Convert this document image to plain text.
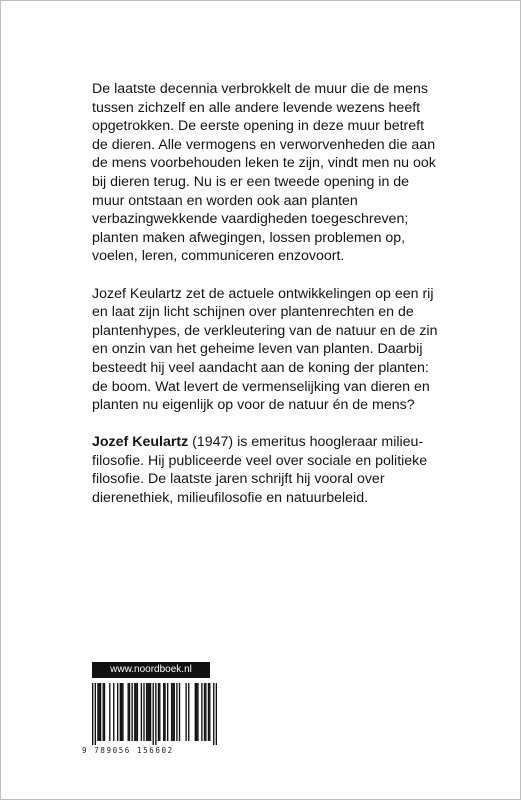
De laatste decennia verbrokkelt de muur die de mens tussen zichzelf en alle andere levende wezens heeft opgetrokken. De eerste opening in deze muur betreft de dieren. Alle vermogens en verworvenheden die aan de mens voorbehouden leken te zijn, vindt men nu ook bij dieren terug. Nu is er een tweede opening in de muur ontstaan en worden ook aan planten verbazingwekkende vaardigheden toegeschreven; planten maken afwegingen, lossen problemen op, voelen, leren, communiceren enzovoort.

Jozef Keulartz zet de actuele ontwikkelingen op een rij en laat zijn licht schijnen over plantenrechten en de plantenhypes, de verkleutering van de natuur en de zin en onzin van het geheime leven van planten. Daarbij besteedt hij veel aandacht aan de koning der planten: de boom. Wat levert de vermenselijking van dieren en planten nu eigenlijk op voor de natuur én de mens?

Jozef Keulartz (1947) is emeritus hoogleraar milieu-filosofie. Hij publiceerde veel over sociale en politieke filosofie. De laatste jaren schrijft hij vooral over dierenethiek, milieufilosofie en natuurbeleid.

www.noordboek.nl
9 789056 156602
